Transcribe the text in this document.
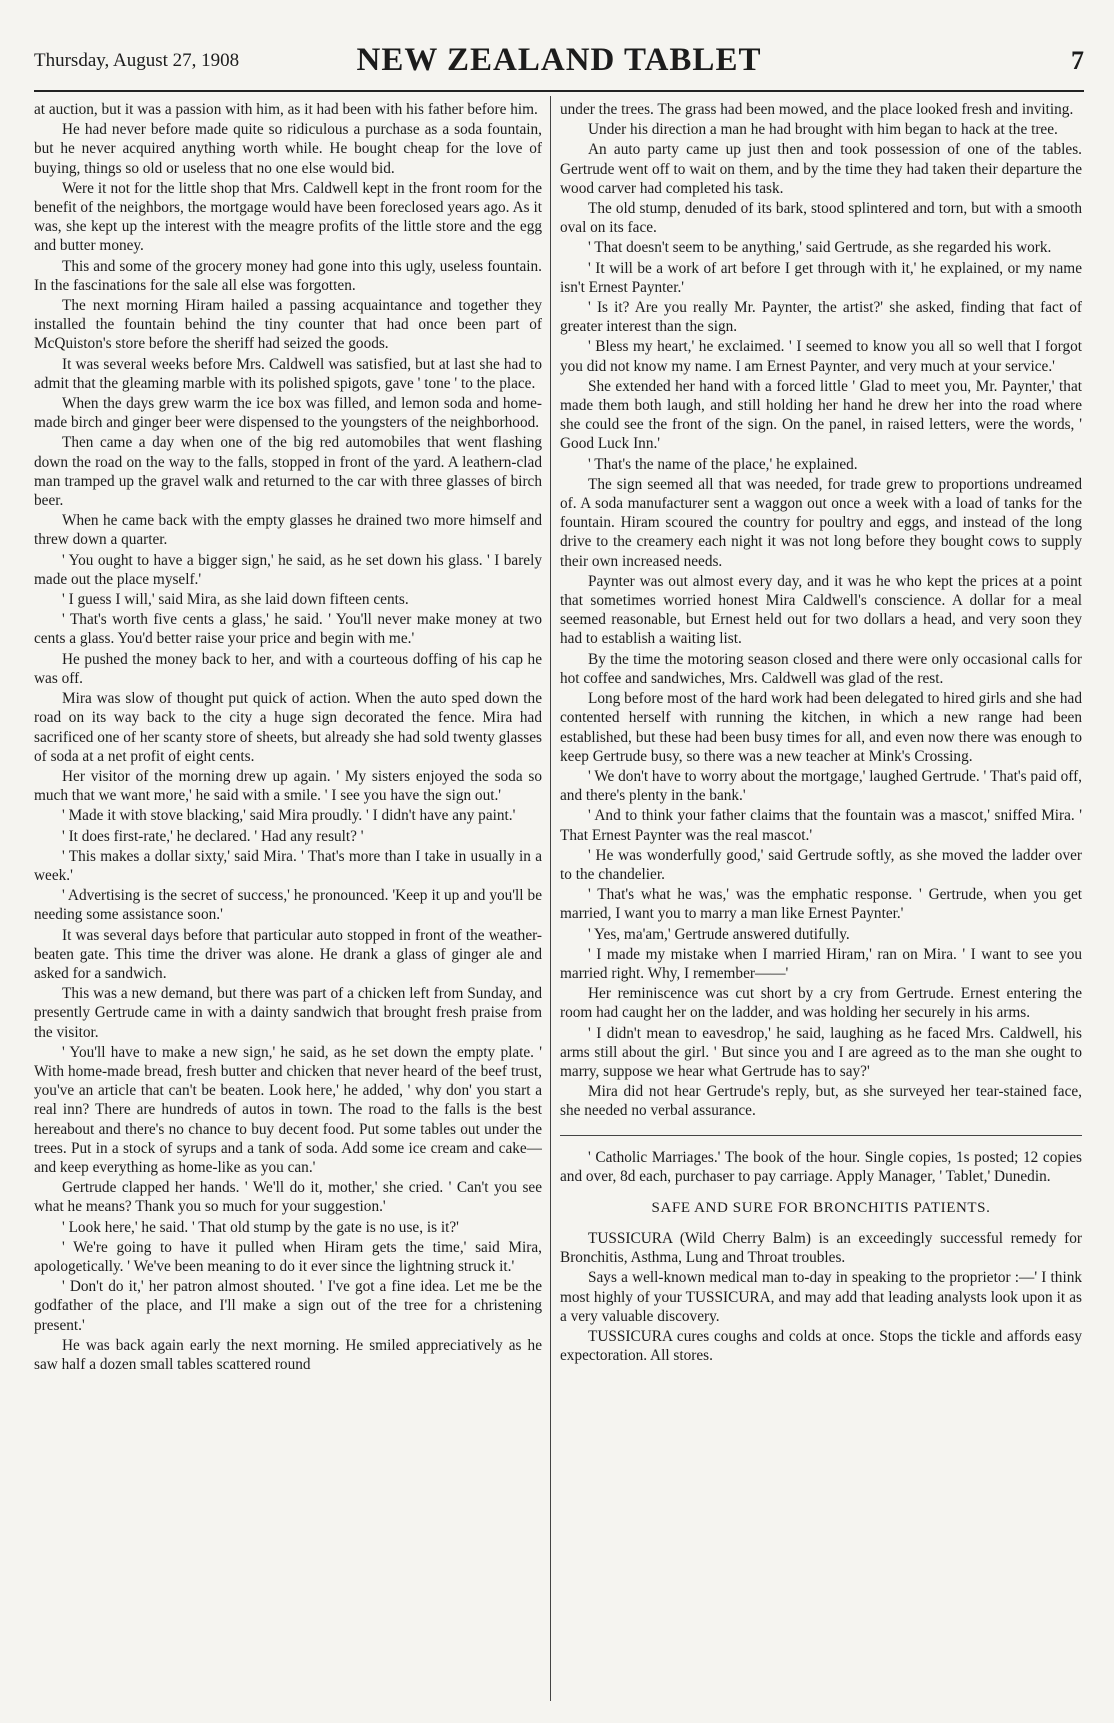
Thursday, August 27, 1908	NEW ZEALAND TABLET	7

at auction, but it was a passion with him, as it had been with his father before him.

He had never before made quite so ridiculous a purchase as a soda fountain, but he never acquired anything worth while. He bought cheap for the love of buying, things so old or useless that no one else would bid.

Were it not for the little shop that Mrs. Caldwell kept in the front room for the benefit of the neighbors, the mortgage would have been foreclosed years ago. As it was, she kept up the interest with the meagre profits of the little store and the egg and butter money.

This and some of the grocery money had gone into this ugly, useless fountain. In the fascinations for the sale all else was forgotten.

The next morning Hiram hailed a passing acquaintance and together they installed the fountain behind the tiny counter that had once been part of McQuiston's store before the sheriff had seized the goods.

It was several weeks before Mrs. Caldwell was satisfied, but at last she had to admit that the gleaming marble with its polished spigots, gave ' tone ' to the place.

When the days grew warm the ice box was filled, and lemon soda and home-made birch and ginger beer were dispensed to the youngsters of the neighborhood.

Then came a day when one of the big red automobiles that went flashing down the road on the way to the falls, stopped in front of the yard. A leathern-clad man tramped up the gravel walk and returned to the car with three glasses of birch beer.

When he came back with the empty glasses he drained two more himself and threw down a quarter.

' You ought to have a bigger sign,' he said, as he set down his glass. ' I barely made out the place myself.'

' I guess I will,' said Mira, as she laid down fifteen cents.

' That's worth five cents a glass,' he said. ' You'll never make money at two cents a glass. You'd better raise your price and begin with me.'

He pushed the money back to her, and with a courteous doffing of his cap he was off.

Mira was slow of thought put quick of action. When the auto sped down the road on its way back to the city a huge sign decorated the fence. Mira had sacrificed one of her scanty store of sheets, but already she had sold twenty glasses of soda at a net profit of eight cents.

Her visitor of the morning drew up again. ' My sisters enjoyed the soda so much that we want more,' he said with a smile. ' I see you have the sign out.'

' Made it with stove blacking,' said Mira proudly. ' I didn't have any paint.'

' It does first-rate,' he declared. ' Had any result? '

' This makes a dollar sixty,' said Mira. ' That's more than I take in usually in a week.'

' Advertising is the secret of success,' he pronounced. 'Keep it up and you'll be needing some assistance soon.'

It was several days before that particular auto stopped in front of the weather-beaten gate. This time the driver was alone. He drank a glass of ginger ale and asked for a sandwich.

This was a new demand, but there was part of a chicken left from Sunday, and presently Gertrude came in with a dainty sandwich that brought fresh praise from the visitor.

' You'll have to make a new sign,' he said, as he set down the empty plate. ' With home-made bread, fresh butter and chicken that never heard of the beef trust, you've an article that can't be beaten. Look here,' he added, ' why don' you start a real inn? There are hundreds of autos in town. The road to the falls is the best hereabout and there's no chance to buy decent food. Put some tables out under the trees. Put in a stock of syrups and a tank of soda. Add some ice cream and cake—and keep everything as home-like as you can.'

Gertrude clapped her hands. ' We'll do it, mother,' she cried. ' Can't you see what he means? Thank you so much for your suggestion.'

' Look here,' he said. ' That old stump by the gate is no use, is it?'

' We're going to have it pulled when Hiram gets the time,' said Mira, apologetically. ' We've been meaning to do it ever since the lightning struck it.'

' Don't do it,' her patron almost shouted. ' I've got a fine idea. Let me be the godfather of the place, and I'll make a sign out of the tree for a christening present.'

He was back again early the next morning. He smiled appreciatively as he saw half a dozen small tables scattered round

under the trees. The grass had been mowed, and the place looked fresh and inviting.

Under his direction a man he had brought with him began to hack at the tree.

An auto party came up just then and took possession of one of the tables. Gertrude went off to wait on them, and by the time they had taken their departure the wood carver had completed his task.

The old stump, denuded of its bark, stood splintered and torn, but with a smooth oval on its face.

' That doesn't seem to be anything,' said Gertrude, as she regarded his work.

' It will be a work of art before I get through with it,' he explained, or my name isn't Ernest Paynter.'

' Is it? Are you really Mr. Paynter, the artist?' she asked, finding that fact of greater interest than the sign.

' Bless my heart,' he exclaimed. ' I seemed to know you all so well that I forgot you did not know my name. I am Ernest Paynter, and very much at your service.'

She extended her hand with a forced little ' Glad to meet you, Mr. Paynter,' that made them both laugh, and still holding her hand he drew her into the road where she could see the front of the sign. On the panel, in raised letters, were the words, ' Good Luck Inn.'

' That's the name of the place,' he explained.

The sign seemed all that was needed, for trade grew to proportions undreamed of. A soda manufacturer sent a waggon out once a week with a load of tanks for the fountain. Hiram scoured the country for poultry and eggs, and instead of the long drive to the creamery each night it was not long before they bought cows to supply their own increased needs.

Paynter was out almost every day, and it was he who kept the prices at a point that sometimes worried honest Mira Caldwell's conscience. A dollar for a meal seemed reasonable, but Ernest held out for two dollars a head, and very soon they had to establish a waiting list.

By the time the motoring season closed and there were only occasional calls for hot coffee and sandwiches, Mrs. Caldwell was glad of the rest.

Long before most of the hard work had been delegated to hired girls and she had contented herself with running the kitchen, in which a new range had been established, but these had been busy times for all, and even now there was enough to keep Gertrude busy, so there was a new teacher at Mink's Crossing.

' We don't have to worry about the mortgage,' laughed Gertrude. ' That's paid off, and there's plenty in the bank.'

' And to think your father claims that the fountain was a mascot,' sniffed Mira. ' That Ernest Paynter was the real mascot.'

' He was wonderfully good,' said Gertrude softly, as she moved the ladder over to the chandelier.

' That's what he was,' was the emphatic response. ' Gertrude, when you get married, I want you to marry a man like Ernest Paynter.'

' Yes, ma'am,' Gertrude answered dutifully.

' I made my mistake when I married Hiram,' ran on Mira. ' I want to see you married right. Why, I remember——'

Her reminiscence was cut short by a cry from Gertrude. Ernest entering the room had caught her on the ladder, and was holding her securely in his arms.

' I didn't mean to eavesdrop,' he said, laughing as he faced Mrs. Caldwell, his arms still about the girl. ' But since you and I are agreed as to the man she ought to marry, suppose we hear what Gertrude has to say?'

Mira did not hear Gertrude's reply, but, as she surveyed her tear-stained face, she needed no verbal assurance.

' Catholic Marriages.' The book of the hour. Single copies, 1s posted; 12 copies and over, 8d each, purchaser to pay carriage. Apply Manager, ' Tablet,' Dunedin.

SAFE AND SURE FOR BRONCHITIS PATIENTS.

TUSSICURA (Wild Cherry Balm) is an exceedingly successful remedy for Bronchitis, Asthma, Lung and Throat troubles.

Says a well-known medical man to-day in speaking to the proprietor :—' I think most highly of your TUSSICURA, and may add that leading analysts look upon it as a very valuable discovery.

TUSSICURA cures coughs and colds at once. Stops the tickle and affords easy expectoration. All stores.
